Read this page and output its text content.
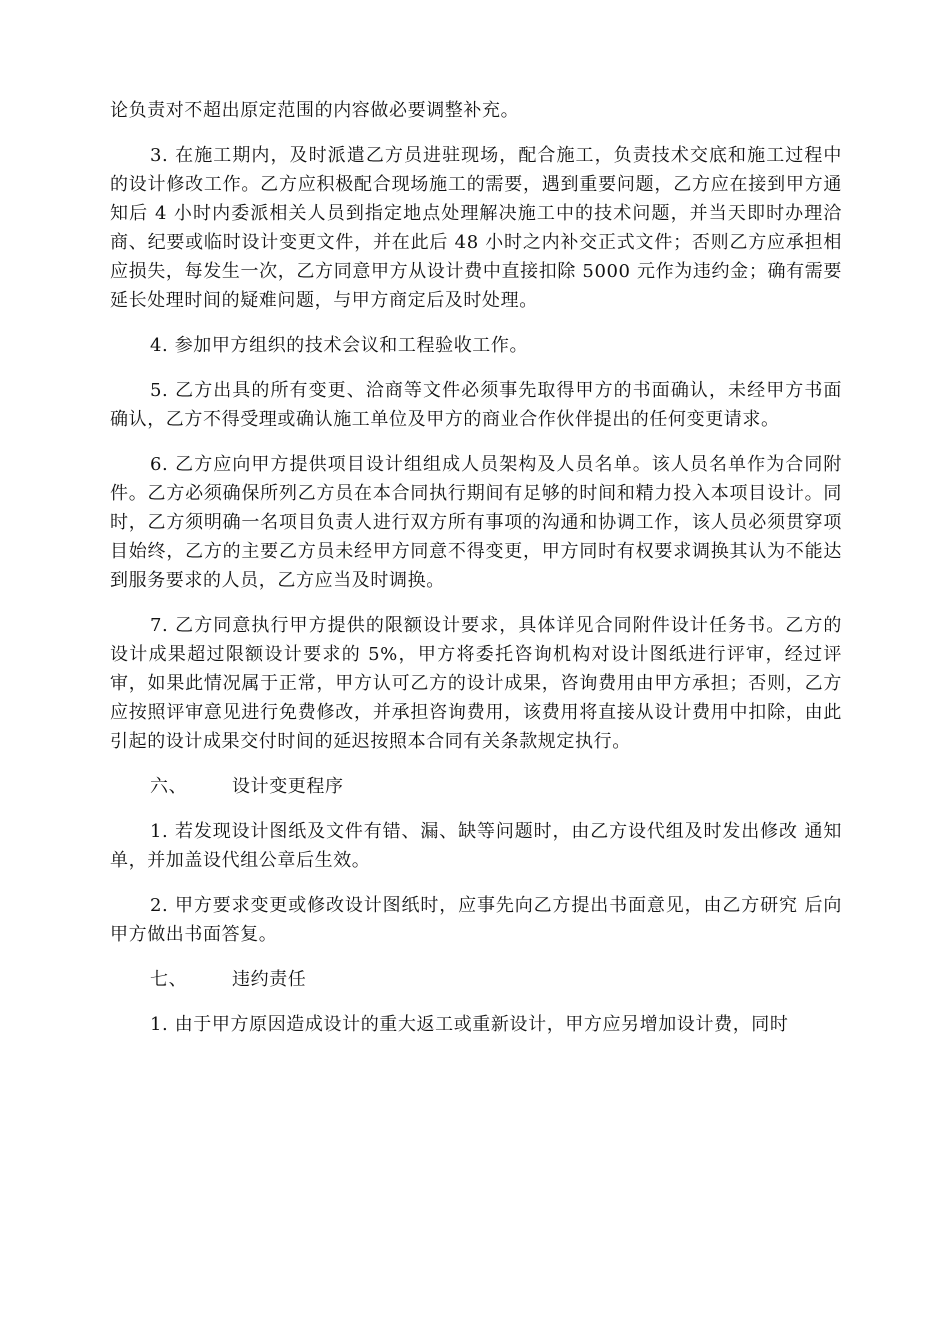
论负责对不超出原定范围的内容做必要调整补充。

3. 在施工期内，及时派遣乙方员进驻现场，配合施工，负责技术交底和施工过程中的设计修改工作。乙方应积极配合现场施工的需要，遇到重要问题，乙方应在接到甲方通知后 4 小时内委派相关人员到指定地点处理解决施工中的技术问题，并当天即时办理洽商、纪要或临时设计变更文件，并在此后 48 小时之内补交正式文件；否则乙方应承担相应损失，每发生一次，乙方同意甲方从设计费中直接扣除 5000 元作为违约金；确有需要延长处理时间的疑难问题，与甲方商定后及时处理。

4. 参加甲方组织的技术会议和工程验收工作。

5. 乙方出具的所有变更、洽商等文件必须事先取得甲方的书面确认，未经甲方书面确认，乙方不得受理或确认施工单位及甲方的商业合作伙伴提出的任何变更请求。

6. 乙方应向甲方提供项目设计组组成人员架构及人员名单。该人员名单作为合同附件。乙方必须确保所列乙方员在本合同执行期间有足够的时间和精力投入本项目设计。同时，乙方须明确一名项目负责人进行双方所有事项的沟通和协调工作，该人员必须贯穿项目始终，乙方的主要乙方员未经甲方同意不得变更，甲方同时有权要求调换其认为不能达到服务要求的人员，乙方应当及时调换。

7. 乙方同意执行甲方提供的限额设计要求，具体详见合同附件设计任务书。乙方的设计成果超过限额设计要求的 5%，甲方将委托咨询机构对设计图纸进行评审，经过评审，如果此情况属于正常，甲方认可乙方的设计成果，咨询费用由甲方承担；否则，乙方应按照评审意见进行免费修改，并承担咨询费用，该费用将直接从设计费用中扣除，由此引起的设计成果交付时间的延迟按照本合同有关条款规定执行。

六、	设计变更程序

1. 若发现设计图纸及文件有错、漏、缺等问题时，由乙方设代组及时发出修改 通知单，并加盖设代组公章后生效。

2. 甲方要求变更或修改设计图纸时，应事先向乙方提出书面意见，由乙方研究 后向甲方做出书面答复。

七、	违约责任

1. 由于甲方原因造成设计的重大返工或重新设计，甲方应另增加设计费，同时
